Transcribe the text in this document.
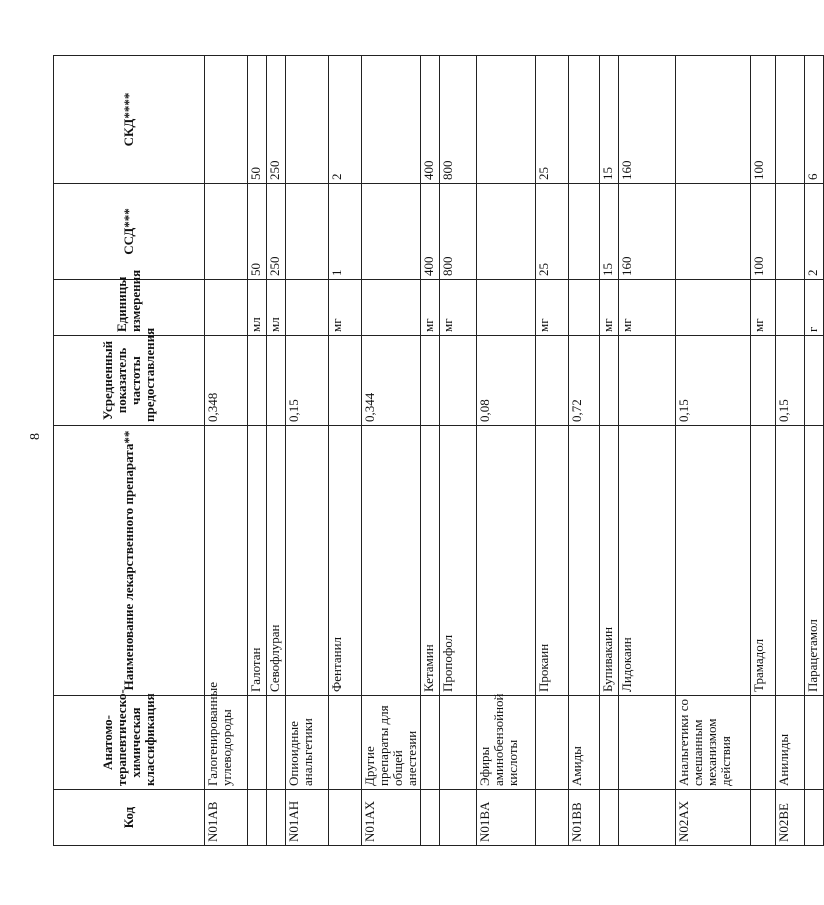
8
Код	Анатомо-терапевтическо-химическая классификация	Наименование лекарственного препарата**	Усредненный показатель частоты предоставления	Единицы измерения	ССД***	СКД****
N01AB	Галогенированные углеводороды		0,348			
		Галотан		мл	50	50
		Севофлуран		мл	250	250
N01AH	Опиоидные анальгетики		0,15			
		Фентанил		мг	1	2
N01AX	Другие препараты для общей анестезии		0,344			
		Кетамин		мг	400	400
		Пропофол		мг	800	800
N01BA	Эфиры аминобензойной кислоты		0,08			
		Прокаин		мг	25	25
N01BB	Амиды		0,72			
		Бупивакаин		мг	15	15
		Лидокаин		мг	160	160
N02AX	Анальгетики со смешанным механизмом действия		0,15			
		Трамадол		мг	100	100
N02BE	Анилиды		0,15			
		Парацетамол		г	2	6
